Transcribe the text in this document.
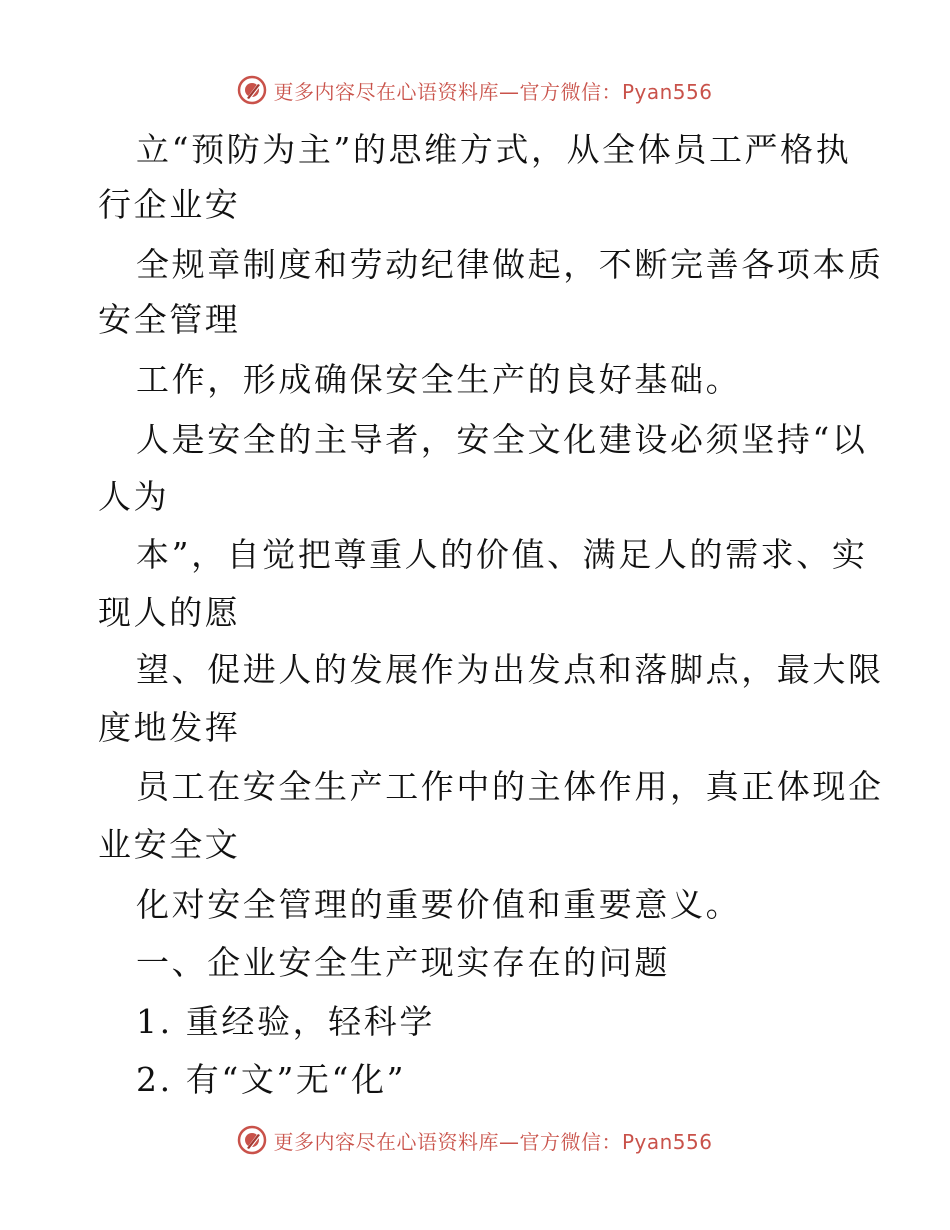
更多内容尽在心语资料库—官方微信：Pyan556
立“预防为主”的思维方式，从全体员工严格执
行企业安
全规章制度和劳动纪律做起，不断完善各项本质
安全管理
工作，形成确保安全生产的良好基础。
人是安全的主导者，安全文化建设必须坚持“以
人为
本”，自觉把尊重人的价值、满足人的需求、实
现人的愿
望、促进人的发展作为出发点和落脚点，最大限
度地发挥
员工在安全生产工作中的主体作用，真正体现企
业安全文
化对安全管理的重要价值和重要意义。
一、企业安全生产现实存在的问题
1. 重经验，轻科学
2. 有“文”无“化”
更多内容尽在心语资料库—官方微信：Pyan556
